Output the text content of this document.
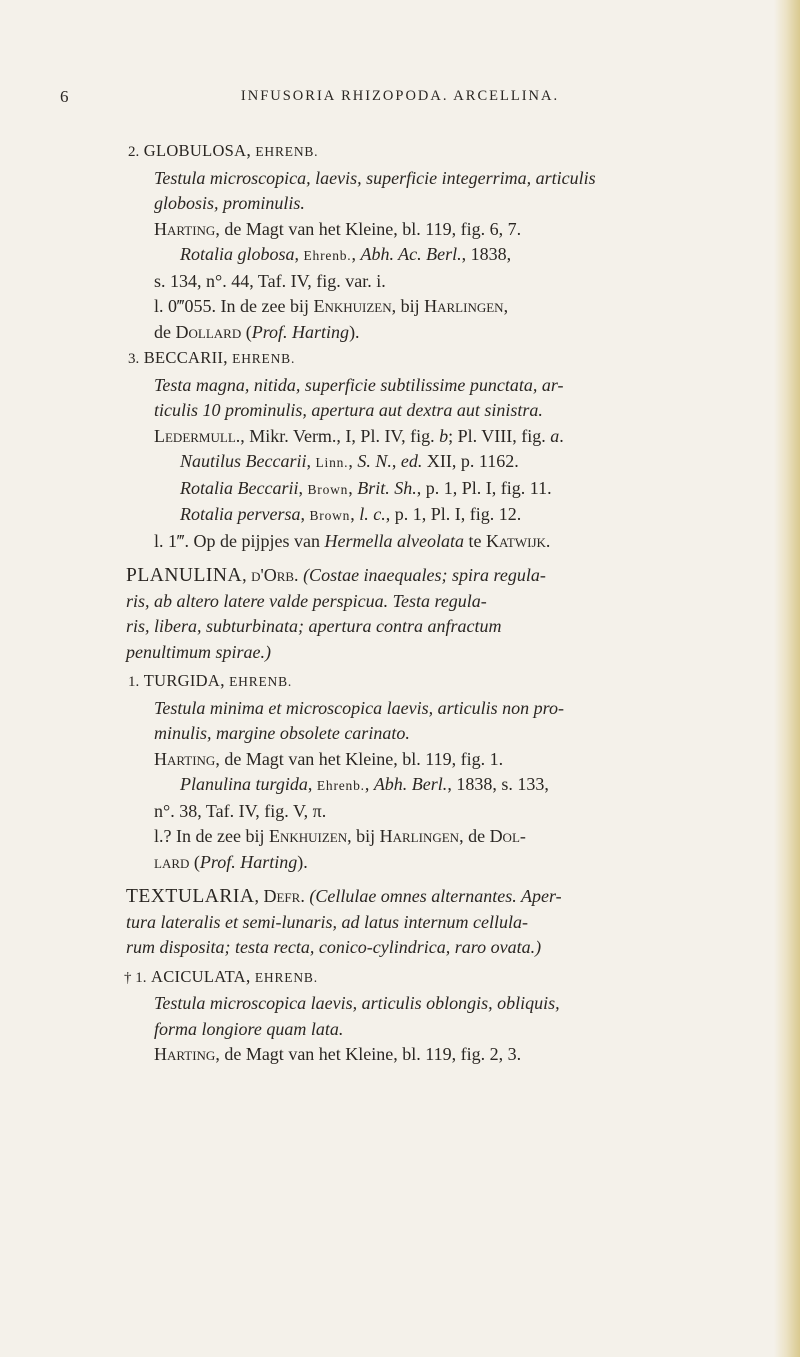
6	INFUSORIA RHIZOPODA. ARCELLINA.
2. GLOBULOSA, EHRENB.
Testula microscopica, laevis, superficie integerrima, articulis
globosis, prominulis.
Harting, de Magt van het Kleine, bl. 119, fig. 6, 7.
Rotalia globosa, Ehrenb., Abh. Ac. Berl., 1838,
s. 134, n°. 44, Taf. IV, fig. var. i.
l. 0‴055. In de zee bij Enkhuizen, bij Harlingen,
de Dollard (Prof. Harting).
3. BECCARII, EHRENB.
Testa magna, nitida, superficie subtilissime punctata, ar-
ticulis 10 prominulis, apertura aut dextra aut sinistra.
Ledermull., Mikr. Verm., I, Pl. IV, fig. b; Pl. VIII, fig. a.
Nautilus Beccarii, Linn., S. N., ed. XII, p. 1162.
Rotalia Beccarii, Brown, Brit. Sh., p. 1, Pl. I, fig. 11.
Rotalia perversa, Brown, l. c., p. 1, Pl. I, fig. 12.
l. 1‴. Op de pijpjes van Hermella alveolata te Katwijk.
PLANULINA, d'Orb. (Costae inaequales; spira regula-
ris, ab altero latere valde perspicua. Testa regula-
ris, libera, subturbinata; apertura contra anfractum
penultimum spirae.)
1. TURGIDA, EHRENB.
Testula minima et microscopica laevis, articulis non pro-
minulis, margine obsolete carinato.
Harting, de Magt van het Kleine, bl. 119, fig. 1.
Planulina turgida, Ehrenb., Abh. Berl., 1838, s. 133,
n°. 38, Taf. IV, fig. V, π.
l.? In de zee bij Enkhuizen, bij Harlingen, de Dol-
lard (Prof. Harting).
TEXTULARIA, Defr. (Cellulae omnes alternantes. Aper-
tura lateralis et semi-lunaris, ad latus internum cellula-
rum disposita; testa recta, conico-cylindrica, raro ovata.)
† 1. ACICULATA, EHRENB.
Testula microscopica laevis, articulis oblongis, obliquis,
forma longiore quam lata.
Harting, de Magt van het Kleine, bl. 119, fig. 2, 3.
